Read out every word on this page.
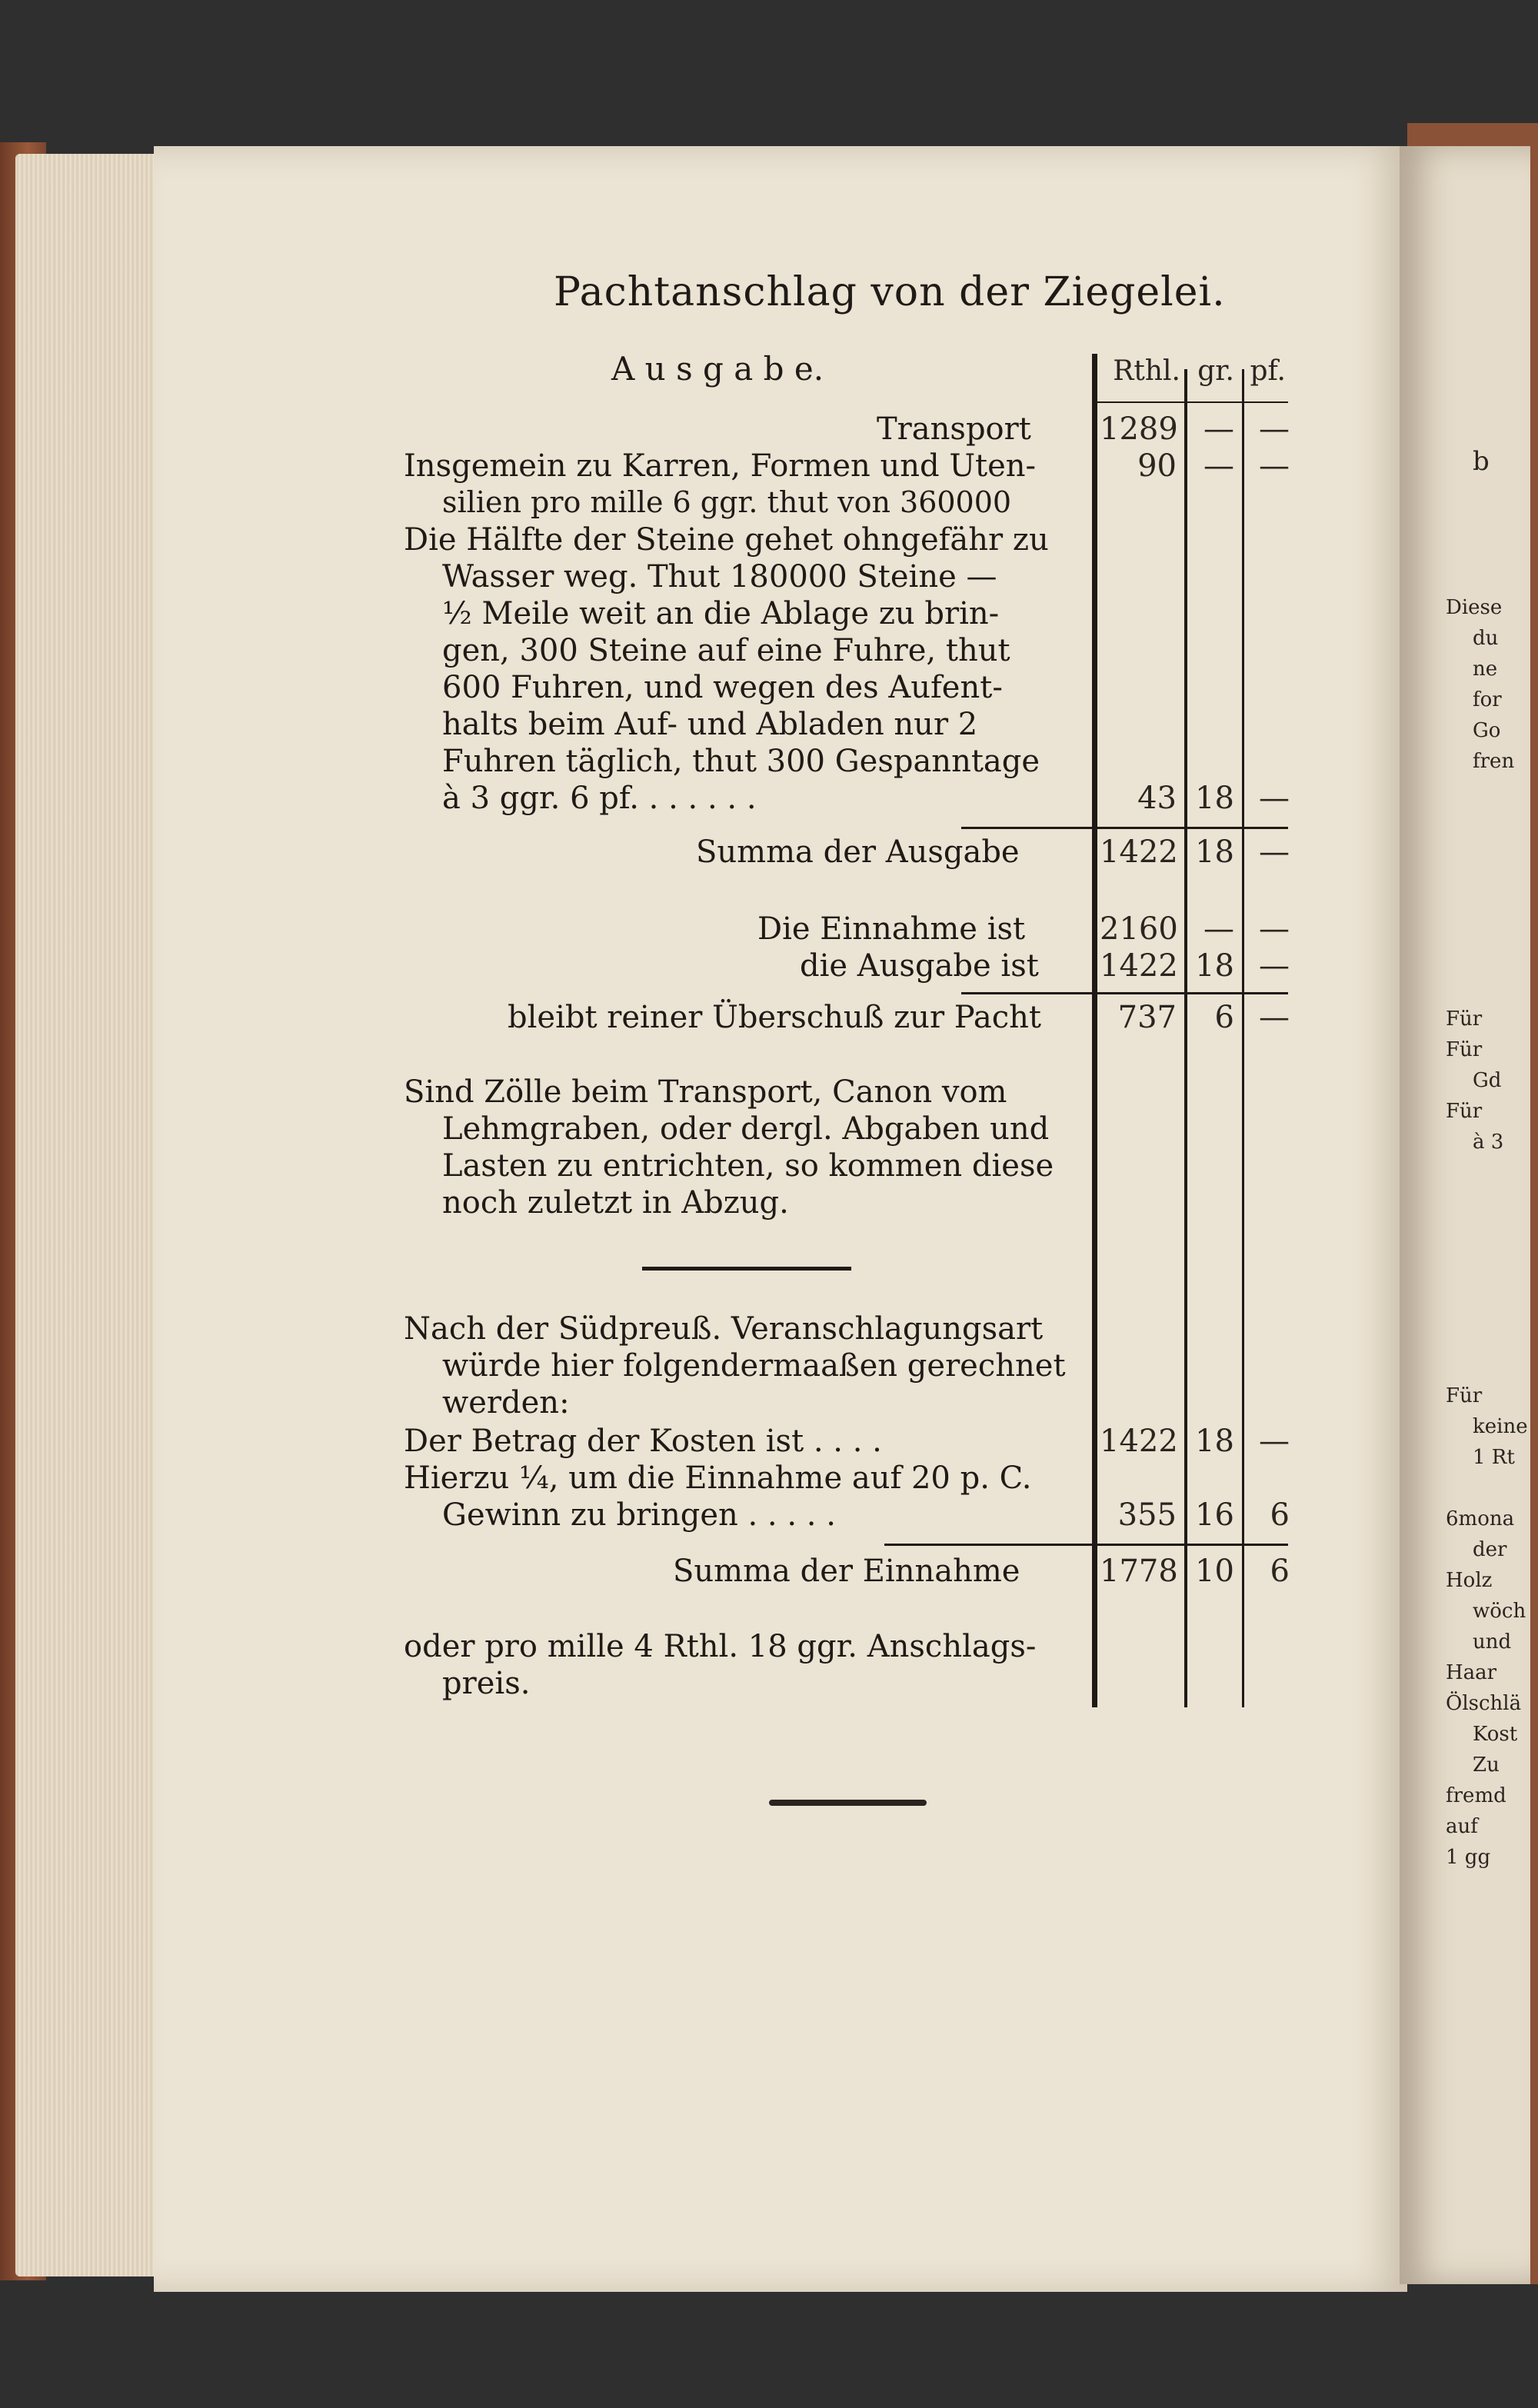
b
Diese
du
ne
for
Go
fren
Für
Für
Gd
Für
à 3
Für
keine
1 Rt
6mona
der
Holz
wöch
und
Haar
Ölschlä
Kost
Zu
fremd
auf
1 gg
Pachtanschlag von der Ziegelei.
A u s g a b e.	Rthl. gr. pf.
Transport 1289 — —
Insgemein zu Karren, Formen und Uten-
silien pro mille 6 ggr. thut von 360000
90 — —
Die Hälfte der Steine gehet ohngefähr zu
Wasser weg. Thut 180000 Steine —
½ Meile weit an die Ablage zu brin-
gen, 300 Steine auf eine Fuhre, thut
600 Fuhren, und wegen des Aufent-
halts beim Auf- und Abladen nur 2
Fuhren täglich, thut 300 Gespanntage
à 3 ggr. 6 pf. . . . . . .	43 18 —
Summa der Ausgabe	1422 18 —
Die Einnahme ist 2160 — —
die Ausgabe ist 1422 18 —
bleibt reiner Überschuß zur Pacht	737	6 —
Sind Zölle beim Transport, Canon vom
Lehmgraben, oder dergl. Abgaben und
Lasten zu entrichten, so kommen diese
noch zuletzt in Abzug.
Nach der Südpreuß. Veranschlagungsart
würde hier folgendermaaßen gerechnet
werden:
Der Betrag der Kosten ist . . . .	1422 18 —
Hierzu ¼, um die Einnahme auf 20 p. C.
Gewinn zu bringen . . . . .	355 16	6
Summa der Einnahme	1778 10	6
oder pro mille 4 Rthl. 18 ggr. Anschlags-
preis.
